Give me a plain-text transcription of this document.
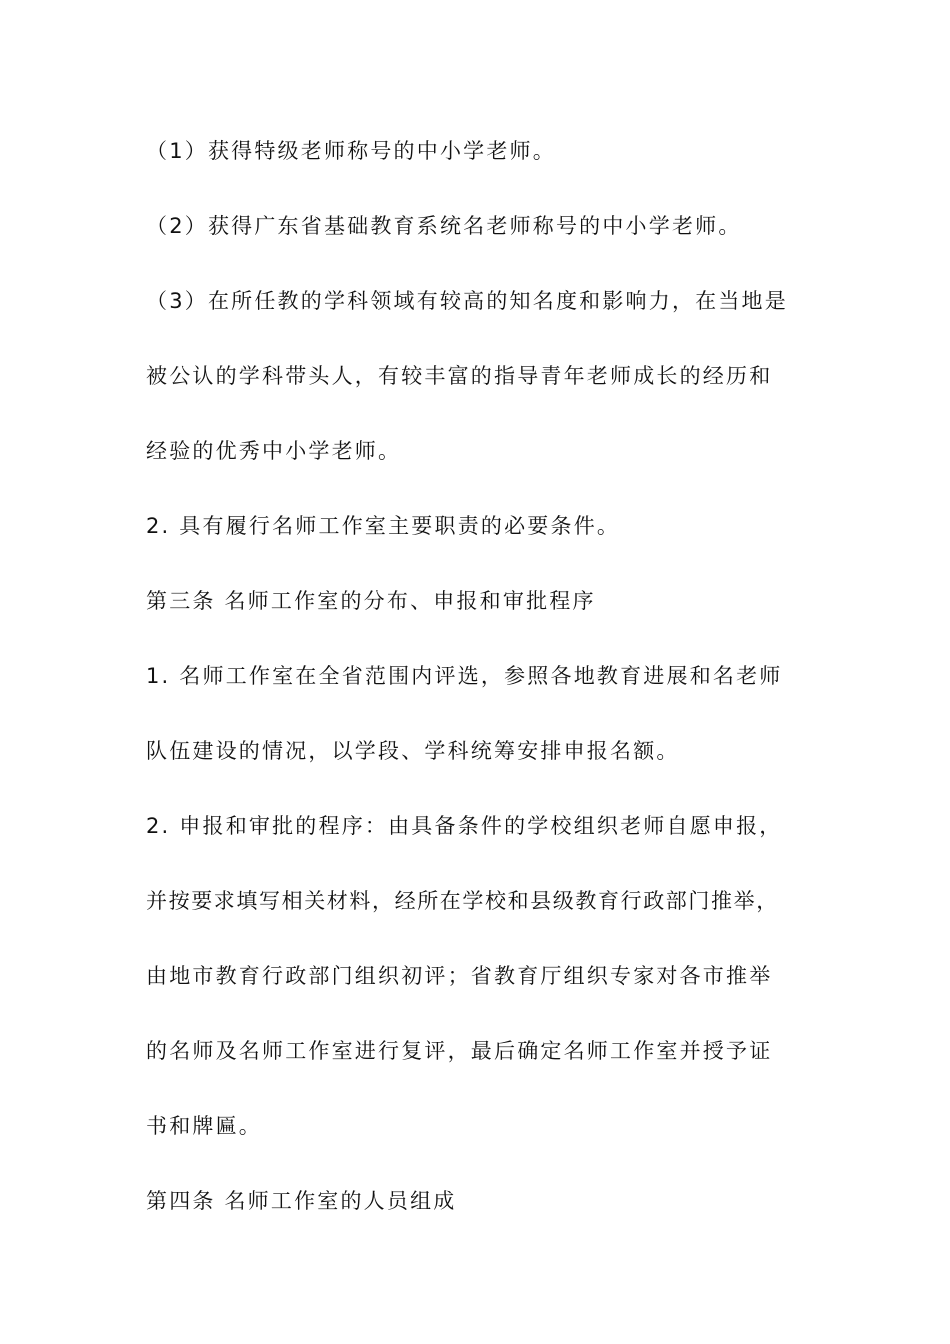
（1）获得特级老师称号的中小学老师。
（2）获得广东省基础教育系统名老师称号的中小学老师。
（3）在所任教的学科领域有较高的知名度和影响力，在当地是
被公认的学科带头人，有较丰富的指导青年老师成长的经历和
经验的优秀中小学老师。
2. 具有履行名师工作室主要职责的必要条件。
第三条 名师工作室的分布、申报和审批程序
1. 名师工作室在全省范围内评选，参照各地教育进展和名老师
队伍建设的情况，以学段、学科统筹安排申报名额。
2. 申报和审批的程序：由具备条件的学校组织老师自愿申报，
并按要求填写相关材料，经所在学校和县级教育行政部门推举，
由地市教育行政部门组织初评；省教育厅组织专家对各市推举
的名师及名师工作室进行复评，最后确定名师工作室并授予证
书和牌匾。
第四条 名师工作室的人员组成
